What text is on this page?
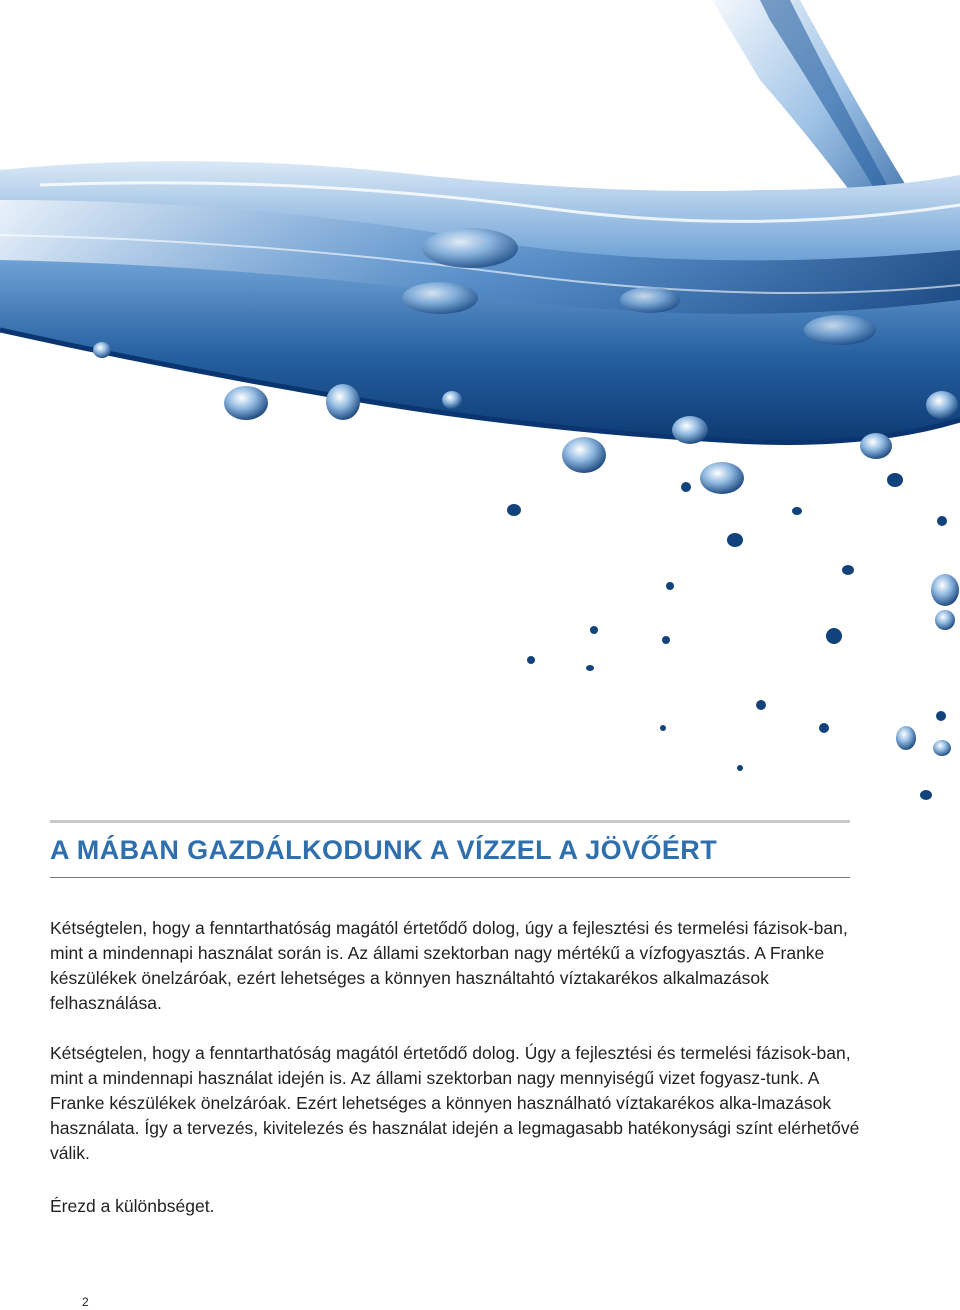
A MÁBAN GAZDÁLKODUNK A VÍZZEL A JÖVŐÉRT

Kétségtelen, hogy a fenntarthatóság magától értetődő dolog, úgy a fejlesztési és termelési fázisok-ban, mint a mindennapi használat során is. Az állami szektorban nagy mértékű a vízfogyasztás. A Franke készülékek önelzáróak, ezért lehetséges a könnyen használtahtó víztakarékos alkalmazások felhasználása.

Kétségtelen, hogy a fenntarthatóság magától értetődő dolog. Úgy a fejlesztési és termelési fázisok-ban, mint a mindennapi használat idején is. Az állami szektorban nagy mennyiségű vizet fogyasz-tunk. A Franke készülékek önelzáróak. Ezért lehetséges a könnyen használható víztakarékos alka-lmazások használata. Így a tervezés, kivitelezés és használat idején a legmagasabb hatékonysági színt elérhetővé válik.

Érezd a különbséget.
2
